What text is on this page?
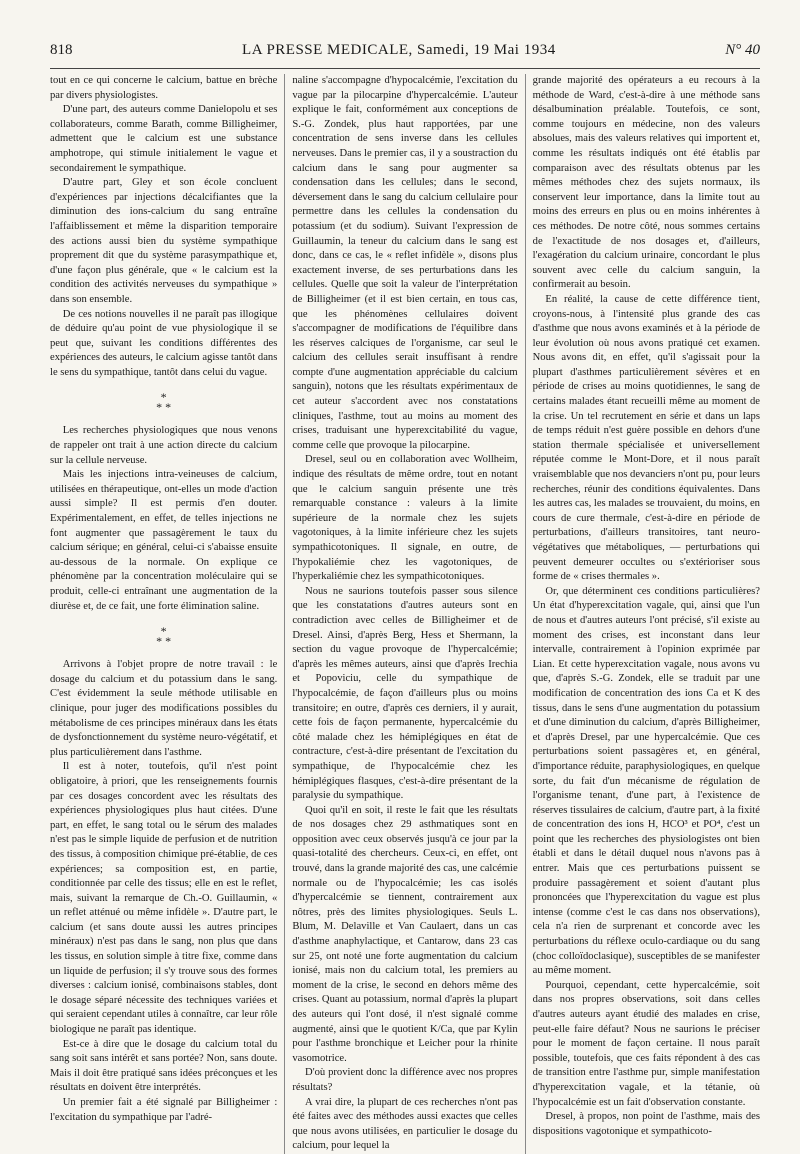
818	LA PRESSE MEDICALE, Samedi, 19 Mai 1934	N° 40

tout en ce qui concerne le calcium, battue en brèche par divers physiologistes.

D'une part, des auteurs comme Danielopolu et ses collaborateurs, comme Barath, comme Billigheimer, admettent que le calcium est une substance amphotrope, qui stimule initialement le vague et secondairement le sympathique.

D'autre part, Gley et son école concluent d'expériences par injections décalcifiantes que la diminution des ions-calcium du sang entraîne l'affaiblissement et même la disparition temporaire des actions aussi bien du système sympathique proprement dit que du système parasympathique et, d'une façon plus générale, que « le calcium est la condition des activités nerveuses du sympathique » dans son ensemble.

De ces notions nouvelles il ne paraît pas illogique de déduire qu'au point de vue physiologique il se peut que, suivant les conditions différentes des expériences des auteurs, le calcium agisse tantôt dans le sens du sympathique, tantôt dans celui du vague.

*
* *

Les recherches physiologiques que nous venons de rappeler ont trait à une action directe du calcium sur la cellule nerveuse.

Mais les injections intra-veineuses de calcium, utilisées en thérapeutique, ont-elles un mode d'action aussi simple? Il est permis d'en douter. Expérimentalement, en effet, de telles injections ne font augmenter que passagèrement le taux du calcium sérique; en général, celui-ci s'abaisse ensuite au-dessous de la normale. On explique ce phénomène par la concentration moléculaire qui se produit, celle-ci entraînant une augmentation de la diurèse et, de ce fait, une forte élimination saline.

*
* *

Arrivons à l'objet propre de notre travail : le dosage du calcium et du potassium dans le sang. C'est évidemment la seule méthode utilisable en clinique, pour juger des modifications possibles du métabolisme de ces principes minéraux dans les états de dysfonctionnement du système neuro-végétatif, et plus particulièrement dans l'asthme.

Il est à noter, toutefois, qu'il n'est point obligatoire, à priori, que les renseignements fournis par ces dosages concordent avec les résultats des expériences physiologiques plus haut citées. D'une part, en effet, le sang total ou le sérum des malades n'est pas le simple liquide de perfusion et de nutrition des tissus, à composition chimique pré-établie, de ces expériences; sa composition est, en partie, conditionnée par celle des tissus; elle en est le reflet, mais, suivant la remarque de Ch.-O. Guillaumin, « un reflet atténué ou même infidèle ». D'autre part, le calcium (et sans doute aussi les autres principes minéraux) n'est pas dans le sang, non plus que dans les tissus, en solution simple à titre fixe, comme dans un liquide de perfusion; il s'y trouve sous des formes diverses : calcium ionisé, combinaisons stables, dont le dosage séparé nécessite des techniques variées et qui seraient cependant utiles à connaître, car leur rôle biologique ne paraît pas identique.

Est-ce à dire que le dosage du calcium total du sang soit sans intérêt et sans portée? Non, sans doute. Mais il doit être pratiqué sans idées préconçues et les résultats en doivent être interprétés.

Un premier fait a été signalé par Billigheimer : l'excitation du sympathique par l'adré-

naline s'accompagne d'hypocalcémie, l'excitation du vague par la pilocarpine d'hypercalcémie. L'auteur explique le fait, conformément aux conceptions de S.-G. Zondek, plus haut rapportées, par une concentration de sens inverse dans les cellules nerveuses. Dans le premier cas, il y a soustraction du calcium dans le sang pour augmenter sa condensation dans les cellules; dans le second, déversement dans le sang du calcium cellulaire pour permettre dans les cellules la condensation du potassium (et du sodium). Suivant l'expression de Guillaumin, la teneur du calcium dans le sang est donc, dans ce cas, le « reflet infidèle », disons plus exactement inverse, de ses perturbations dans les cellules. Quelle que soit la valeur de l'interprétation de Billigheimer (et il est bien certain, en tous cas, que les phénomènes cellulaires doivent s'accompagner de modifications de l'équilibre dans les réserves calciques de l'organisme, car seul le calcium des cellules serait insuffisant à rendre compte d'une augmentation appréciable du calcium sanguin), notons que les résultats expérimentaux de cet auteur s'accordent avec nos constatations cliniques, l'asthme, tout au moins au moment des crises, traduisant une hyperexcitabilité du vague, comme celle que provoque la pilocarpine.

Dresel, seul ou en collaboration avec Wollheim, indique des résultats de même ordre, tout en notant que le calcium sanguin présente une très remarquable constance : valeurs à la limite supérieure de la normale chez les sujets vagotoniques, à la limite inférieure chez les sujets sympathicotoniques. Il signale, en outre, de l'hypokaliémie chez les vagotoniques, de l'hyperkaliémie chez les sympathicotoniques.

Nous ne saurions toutefois passer sous silence que les constatations d'autres auteurs sont en contradiction avec celles de Billigheimer et de Dresel. Ainsi, d'après Berg, Hess et Shermann, la section du vague provoque de l'hypercalcémie; d'après les mêmes auteurs, ainsi que d'après Irechia et Popoviciu, celle du sympathique de l'hypocalcémie, de façon d'ailleurs plus ou moins transitoire; en outre, d'après ces derniers, il y aurait, cette fois de façon permanente, hypercalcémie du côté malade chez les hémiplégiques en état de contracture, c'est-à-dire présentant de l'excitation du sympathique, de l'hypocalcémie chez les hémiplégiques flasques, c'est-à-dire présentant de la paralysie du sympathique.

Quoi qu'il en soit, il reste le fait que les résultats de nos dosages chez 29 asthmatiques sont en opposition avec ceux observés jusqu'à ce jour par la quasi-totalité des chercheurs. Ceux-ci, en effet, ont trouvé, dans la grande majorité des cas, une calcémie normale ou de l'hypocalcémie; les cas isolés d'hypercalcémie se tiennent, contrairement aux nôtres, près des limites physiologiques. Seuls L. Blum, M. Delaville et Van Caulaert, dans un cas d'asthme anaphylactique, et Cantarow, dans 23 cas sur 25, ont noté une forte augmentation du calcium ionisé, mais non du calcium total, les premiers au moment de la crise, le second en dehors même des crises. Quant au potassium, normal d'après la plupart des auteurs qui l'ont dosé, il n'est signalé comme augmenté, ainsi que le quotient K/Ca, que par Kylin pour l'asthme bronchique et Leicher pour la rhinite vasomotrice.

D'où provient donc la différence avec nos propres résultats?

A vrai dire, la plupart de ces recherches n'ont pas été faites avec des méthodes aussi exactes que celles que nous avons utilisées, en particulier le dosage du calcium, pour lequel la

grande majorité des opérateurs a eu recours à la méthode de Ward, c'est-à-dire à une méthode sans désalbumination préalable. Toutefois, ce sont, comme toujours en médecine, non des valeurs absolues, mais des valeurs relatives qui importent et, comme les résultats indiqués ont été établis par comparaison avec des résultats obtenus par les mêmes méthodes chez des sujets normaux, ils conservent leur importance, dans la limite tout au moins des erreurs en plus ou en moins inhérentes à ces méthodes. De notre côté, nous sommes certains de l'exactitude de nos dosages et, d'ailleurs, l'exagération du calcium urinaire, concordant le plus souvent avec celle du calcium sanguin, la confirmerait au besoin.

En réalité, la cause de cette différence tient, croyons-nous, à l'intensité plus grande des cas d'asthme que nous avons examinés et à la période de leur évolution où nous avons pratiqué cet examen. Nous avons dit, en effet, qu'il s'agissait pour la plupart d'asthmes particulièrement sévères et en période de crises au moins quotidiennes, le sang de certains malades étant recueilli même au moment de la crise. Un tel recrutement en série et dans un laps de temps réduit n'est guère possible en dehors d'une station thermale spécialisée et universellement réputée comme le Mont-Dore, et il nous paraît vraisemblable que nos devanciers n'ont pu, pour leurs recherches, réunir des conditions équivalentes. Dans les autres cas, les malades se trouvaient, du moins, en cours de cure thermale, c'est-à-dire en période de perturbations, d'ailleurs transitoires, tant neuro-végétatives que métaboliques, — perturbations qui peuvent demeurer occultes ou s'extérioriser sous forme de « crises thermales ».

Or, que déterminent ces conditions particulières? Un état d'hyperexcitation vagale, qui, ainsi que l'un de nous et d'autres auteurs l'ont précisé, s'il existe au moment des crises, est inconstant dans leur intervalle, contrairement à l'opinion exprimée par Lian. Et cette hyperexcitation vagale, nous avons vu que, d'après S.-G. Zondek, elle se traduit par une modification de concentration des ions Ca et K des tissus, dans le sens d'une augmentation du potassium et d'une diminution du calcium, d'après Billigheimer, et d'après Dresel, par une hypercalcémie. Que ces perturbations soient passagères et, en général, d'importance réduite, paraphysiologiques, en quelque sorte, du fait d'un mécanisme de régulation de l'organisme tenant, d'une part, à l'existence de réserves tissulaires de calcium, d'autre part, à la fixité de concentration des ions H, HCO³ et PO⁴, c'est un point que les recherches des physiologistes ont bien établi et dans le détail duquel nous n'avons pas à entrer. Mais que ces perturbations puissent se produire passagèrement et soient d'autant plus prononcées que l'hyperexcitation du vague est plus intense (comme c'est le cas dans nos observations), cela n'a rien de surprenant et concorde avec les perturbations du réflexe oculo-cardiaque ou du sang (choc colloïdoclasique), susceptibles de se manifester au même moment.

Pourquoi, cependant, cette hypercalcémie, soit dans nos propres observations, soit dans celles d'autres auteurs ayant étudié des malades en crise, peut-elle faire défaut? Nous ne saurions le préciser pour le moment de façon certaine. Il nous paraît possible, toutefois, que ces faits répondent à des cas de transition entre l'asthme pur, simple manifestation d'hyperexcitation vagale, et la tétanie, où l'hypocalcémie est un fait d'observation constante.

Dresel, à propos, non point de l'asthme, mais des dispositions vagotonique et sympathicoto-
